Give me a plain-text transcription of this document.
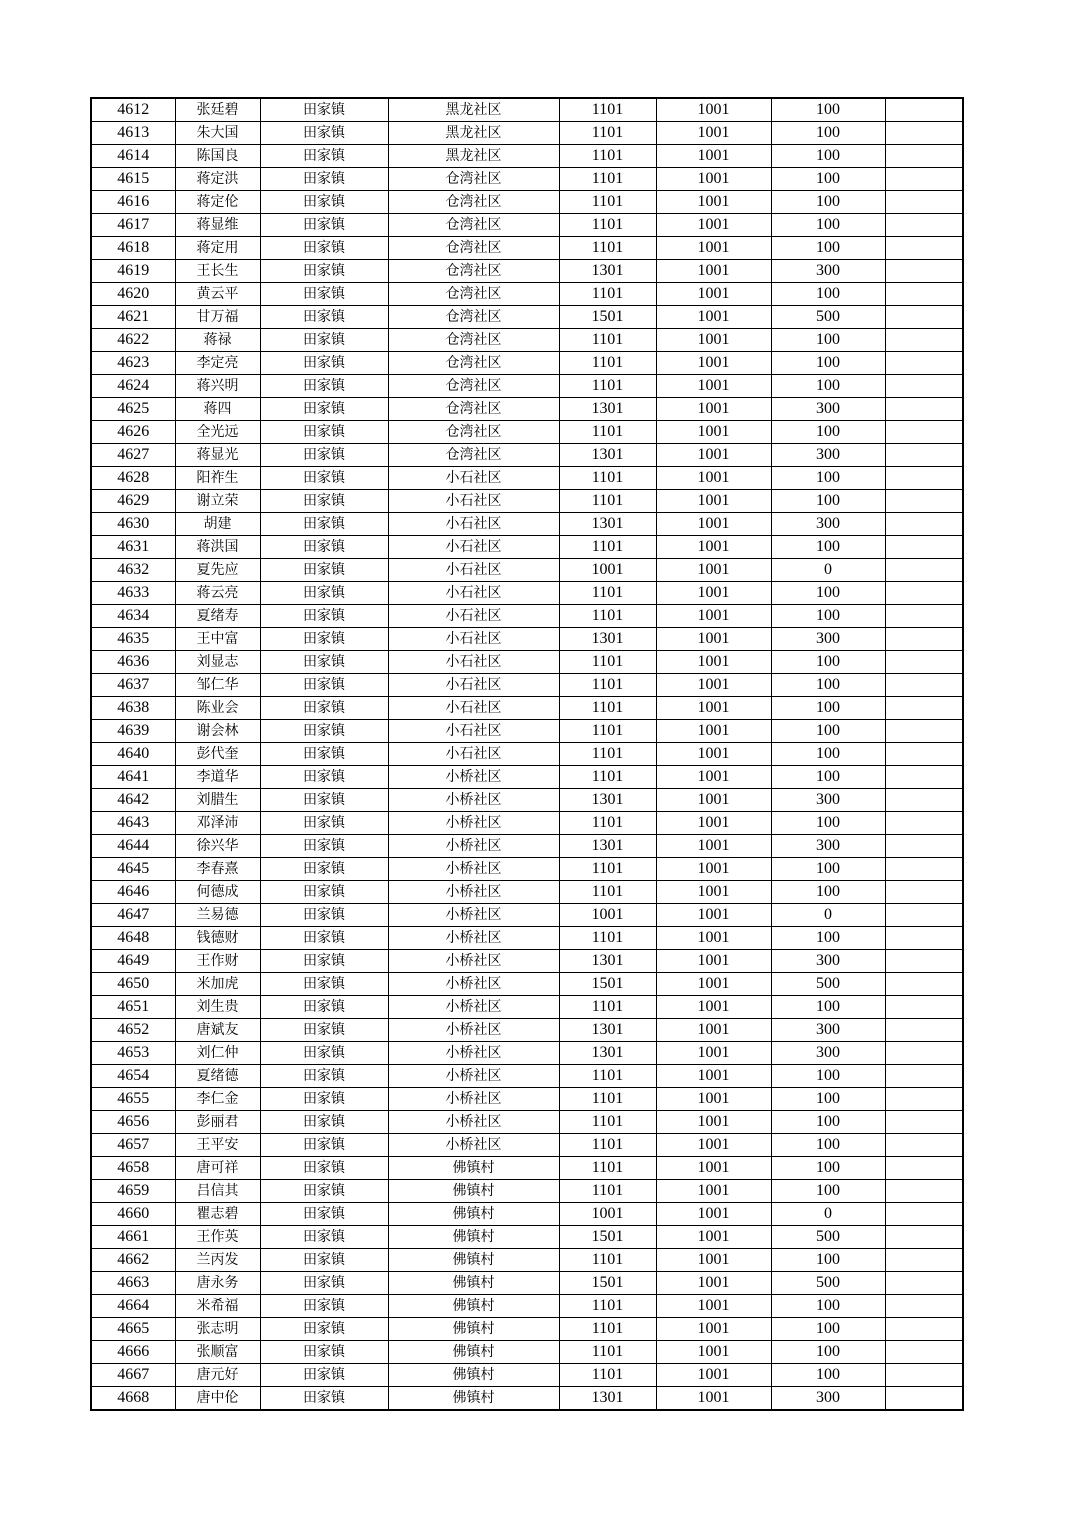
4612	张廷碧	田家镇	黑龙社区	1101	1001	100	
4613	朱大国	田家镇	黑龙社区	1101	1001	100	
4614	陈国良	田家镇	黑龙社区	1101	1001	100	
4615	蒋定洪	田家镇	仓湾社区	1101	1001	100	
4616	蒋定伦	田家镇	仓湾社区	1101	1001	100	
4617	蒋显维	田家镇	仓湾社区	1101	1001	100	
4618	蒋定用	田家镇	仓湾社区	1101	1001	100	
4619	王长生	田家镇	仓湾社区	1301	1001	300	
4620	黄云平	田家镇	仓湾社区	1101	1001	100	
4621	甘万福	田家镇	仓湾社区	1501	1001	500	
4622	蒋禄	田家镇	仓湾社区	1101	1001	100	
4623	李定亮	田家镇	仓湾社区	1101	1001	100	
4624	蒋兴明	田家镇	仓湾社区	1101	1001	100	
4625	蒋四	田家镇	仓湾社区	1301	1001	300	
4626	全光远	田家镇	仓湾社区	1101	1001	100	
4627	蒋显光	田家镇	仓湾社区	1301	1001	300	
4628	阳祚生	田家镇	小石社区	1101	1001	100	
4629	谢立荣	田家镇	小石社区	1101	1001	100	
4630	胡建	田家镇	小石社区	1301	1001	300	
4631	蒋洪国	田家镇	小石社区	1101	1001	100	
4632	夏先应	田家镇	小石社区	1001	1001	0	
4633	蒋云亮	田家镇	小石社区	1101	1001	100	
4634	夏绪寿	田家镇	小石社区	1101	1001	100	
4635	王中富	田家镇	小石社区	1301	1001	300	
4636	刘显志	田家镇	小石社区	1101	1001	100	
4637	邹仁华	田家镇	小石社区	1101	1001	100	
4638	陈业会	田家镇	小石社区	1101	1001	100	
4639	谢会林	田家镇	小石社区	1101	1001	100	
4640	彭代奎	田家镇	小石社区	1101	1001	100	
4641	李道华	田家镇	小桥社区	1101	1001	100	
4642	刘腊生	田家镇	小桥社区	1301	1001	300	
4643	邓泽沛	田家镇	小桥社区	1101	1001	100	
4644	徐兴华	田家镇	小桥社区	1301	1001	300	
4645	李春熹	田家镇	小桥社区	1101	1001	100	
4646	何德成	田家镇	小桥社区	1101	1001	100	
4647	兰易德	田家镇	小桥社区	1001	1001	0	
4648	钱德财	田家镇	小桥社区	1101	1001	100	
4649	王作财	田家镇	小桥社区	1301	1001	300	
4650	米加虎	田家镇	小桥社区	1501	1001	500	
4651	刘生贵	田家镇	小桥社区	1101	1001	100	
4652	唐斌友	田家镇	小桥社区	1301	1001	300	
4653	刘仁仲	田家镇	小桥社区	1301	1001	300	
4654	夏绪德	田家镇	小桥社区	1101	1001	100	
4655	李仁金	田家镇	小桥社区	1101	1001	100	
4656	彭丽君	田家镇	小桥社区	1101	1001	100	
4657	王平安	田家镇	小桥社区	1101	1001	100	
4658	唐可祥	田家镇	佛镇村	1101	1001	100	
4659	吕信其	田家镇	佛镇村	1101	1001	100	
4660	瞿志碧	田家镇	佛镇村	1001	1001	0	
4661	王作英	田家镇	佛镇村	1501	1001	500	
4662	兰丙发	田家镇	佛镇村	1101	1001	100	
4663	唐永务	田家镇	佛镇村	1501	1001	500	
4664	米希福	田家镇	佛镇村	1101	1001	100	
4665	张志明	田家镇	佛镇村	1101	1001	100	
4666	张顺富	田家镇	佛镇村	1101	1001	100	
4667	唐元好	田家镇	佛镇村	1101	1001	100	
4668	唐中伦	田家镇	佛镇村	1301	1001	300	
